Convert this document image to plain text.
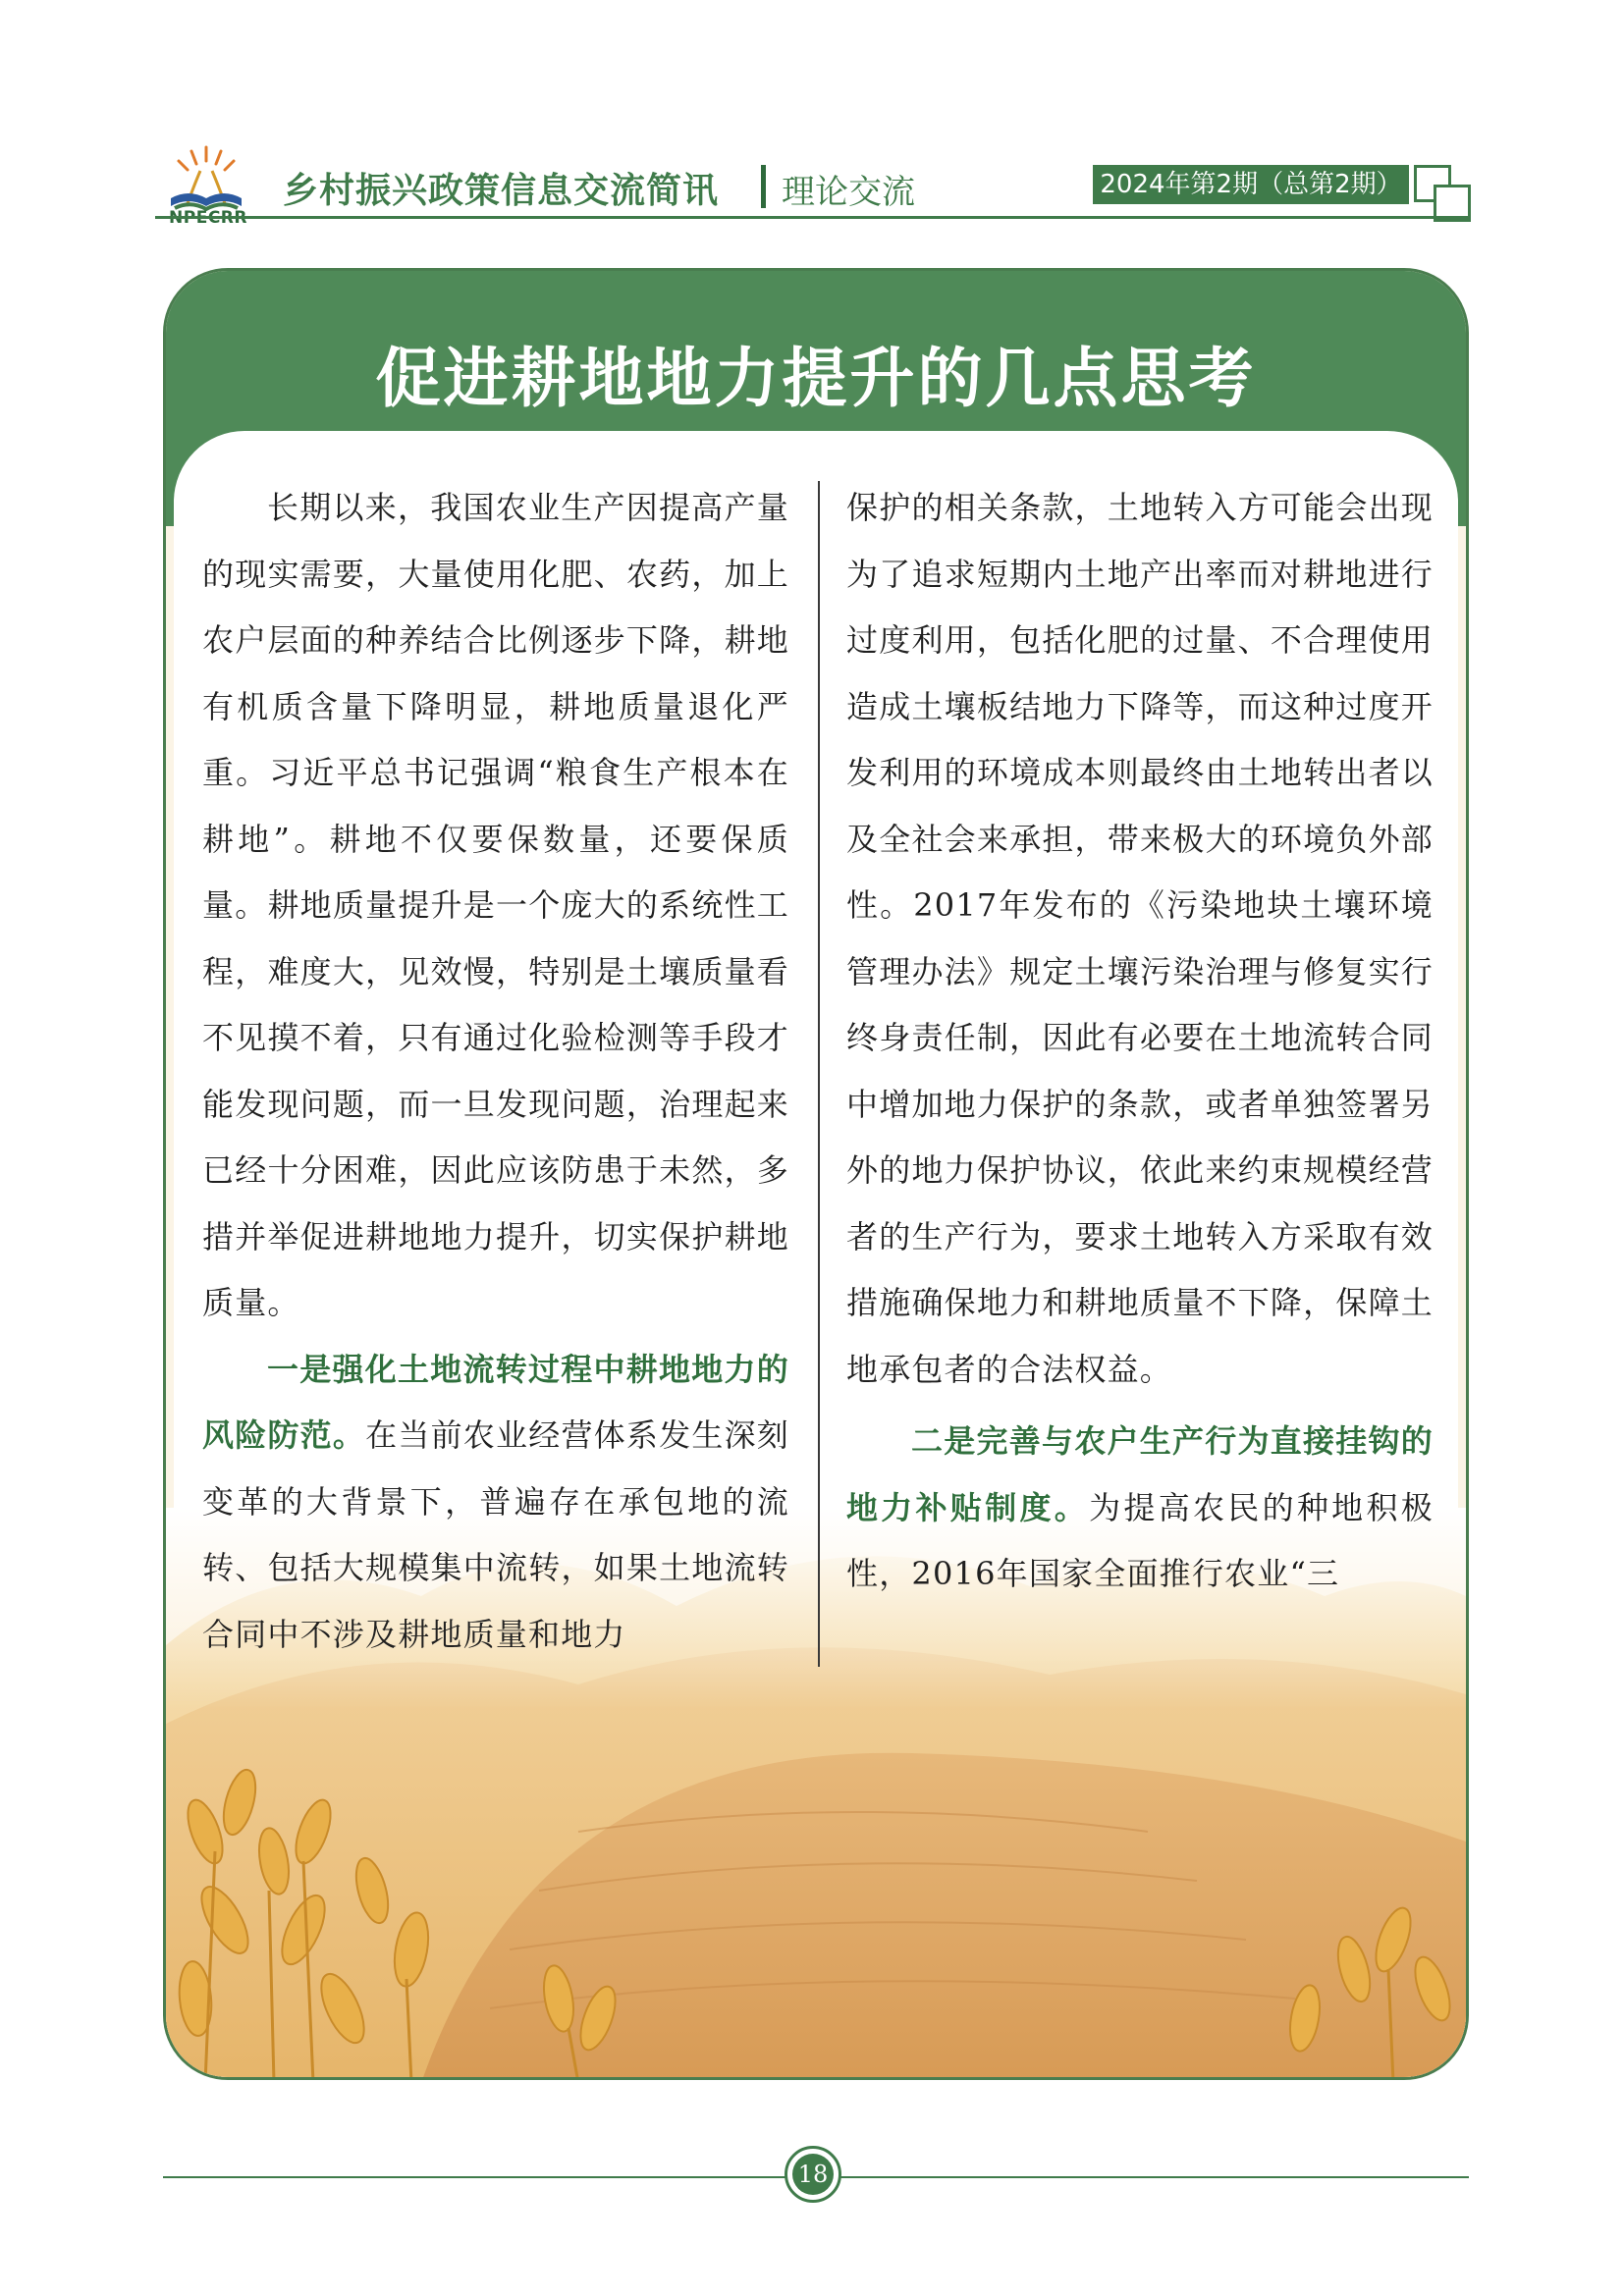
乡村振兴政策信息交流简讯 理论交流	2024年第2期（总第2期）
促进耕地地力提升的几点思考

长期以来，我国农业生产因提高产量的现实需要，大量使用化肥、农药，加上农户层面的种养结合比例逐步下降，耕地有机质含量下降明显，耕地质量退化严重。习近平总书记强调“粮食生产根本在耕地”。耕地不仅要保数量，还要保质量。耕地质量提升是一个庞大的系统性工程，难度大，见效慢，特别是土壤质量看不见摸不着，只有通过化验检测等手段才能发现问题，而一旦发现问题，治理起来已经十分困难，因此应该防患于未然，多措并举促进耕地地力提升，切实保护耕地质量。

一是强化土地流转过程中耕地地力的风险防范。在当前农业经营体系发生深刻变革的大背景下，普遍存在承包地的流转、包括大规模集中流转，如果土地流转合同中不涉及耕地质量和地力

保护的相关条款，土地转入方可能会出现为了追求短期内土地产出率而对耕地进行过度利用，包括化肥的过量、不合理使用造成土壤板结地力下降等，而这种过度开发利用的环境成本则最终由土地转出者以及全社会来承担，带来极大的环境负外部性。2017年发布的《污染地块土壤环境管理办法》规定土壤污染治理与修复实行终身责任制，因此有必要在土地流转合同中增加地力保护的条款，或者单独签署另外的地力保护协议，依此来约束规模经营者的生产行为，要求土地转入方采取有效措施确保地力和耕地质量不下降，保障土地承包者的合法权益。

二是完善与农户生产行为直接挂钩的地力补贴制度。为提高农民的种地积极性，2016年国家全面推行农业“三

18
